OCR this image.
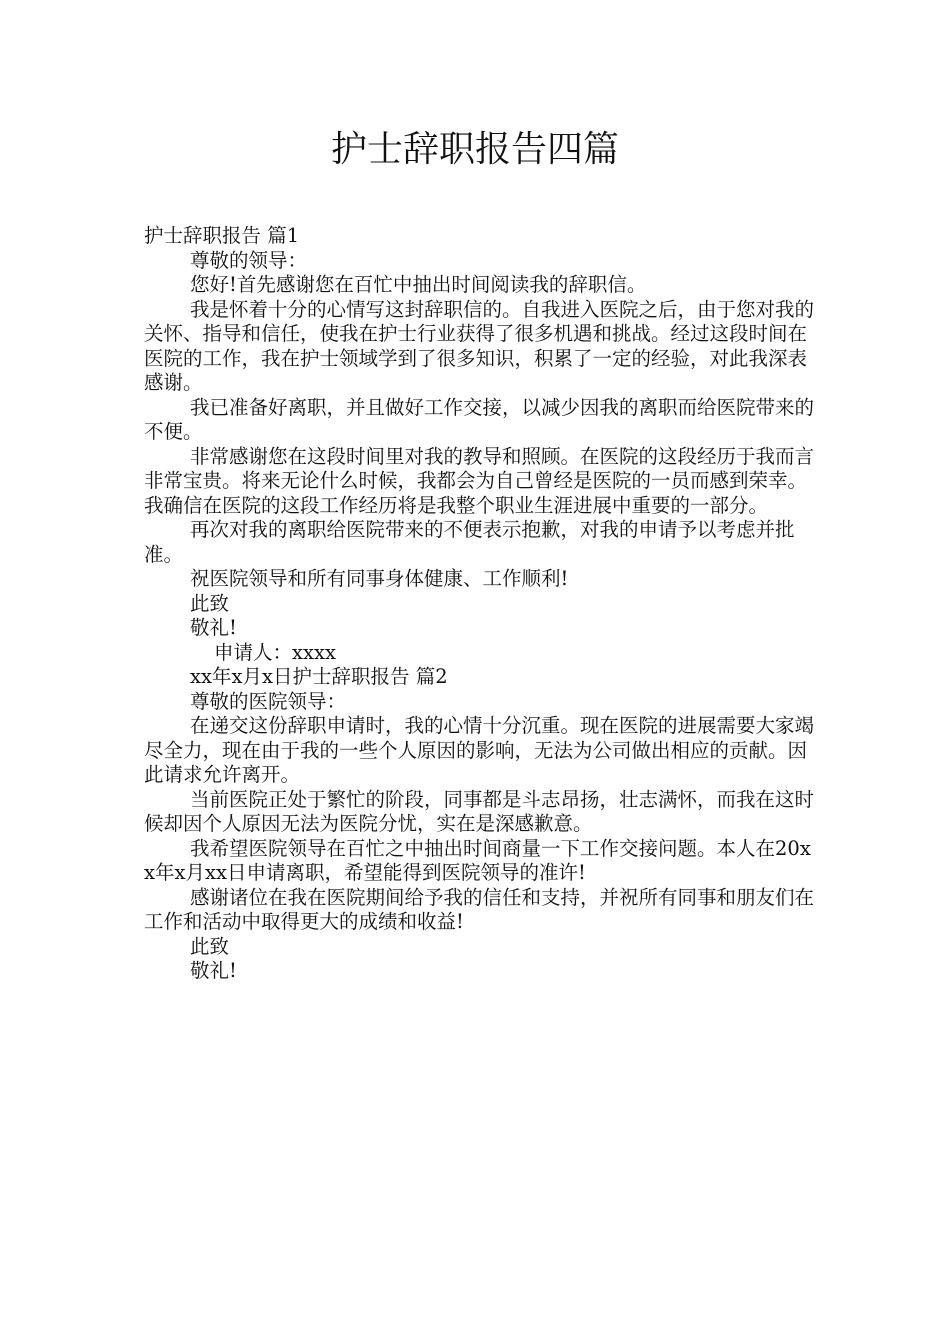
护士辞职报告四篇

护士辞职报告 篇1

尊敬的领导：

您好!首先感谢您在百忙中抽出时间阅读我的辞职信。

我是怀着十分的心情写这封辞职信的。自我进入医院之后，由于您对我的关怀、指导和信任，使我在护士行业获得了很多机遇和挑战。经过这段时间在医院的工作，我在护士领域学到了很多知识，积累了一定的经验，对此我深表感谢。

我已准备好离职，并且做好工作交接，以减少因我的离职而给医院带来的不便。

非常感谢您在这段时间里对我的教导和照顾。在医院的这段经历于我而言非常宝贵。将来无论什么时候，我都会为自己曾经是医院的一员而感到荣幸。我确信在医院的这段工作经历将是我整个职业生涯进展中重要的一部分。

再次对我的离职给医院带来的不便表示抱歉，对我的申请予以考虑并批准。

祝医院领导和所有同事身体健康、工作顺利!

此致

敬礼!

申请人：xxxx

xx年x月x日护士辞职报告 篇2

尊敬的医院领导：

在递交这份辞职申请时，我的心情十分沉重。现在医院的进展需要大家竭尽全力，现在由于我的一些个人原因的影响，无法为公司做出相应的贡献。因此请求允许离开。

当前医院正处于繁忙的阶段，同事都是斗志昂扬，壮志满怀，而我在这时候却因个人原因无法为医院分忧，实在是深感歉意。

我希望医院领导在百忙之中抽出时间商量一下工作交接问题。本人在20xx年x月xx日申请离职，希望能得到医院领导的准许!

感谢诸位在我在医院期间给予我的信任和支持，并祝所有同事和朋友们在工作和活动中取得更大的成绩和收益!

此致

敬礼!
